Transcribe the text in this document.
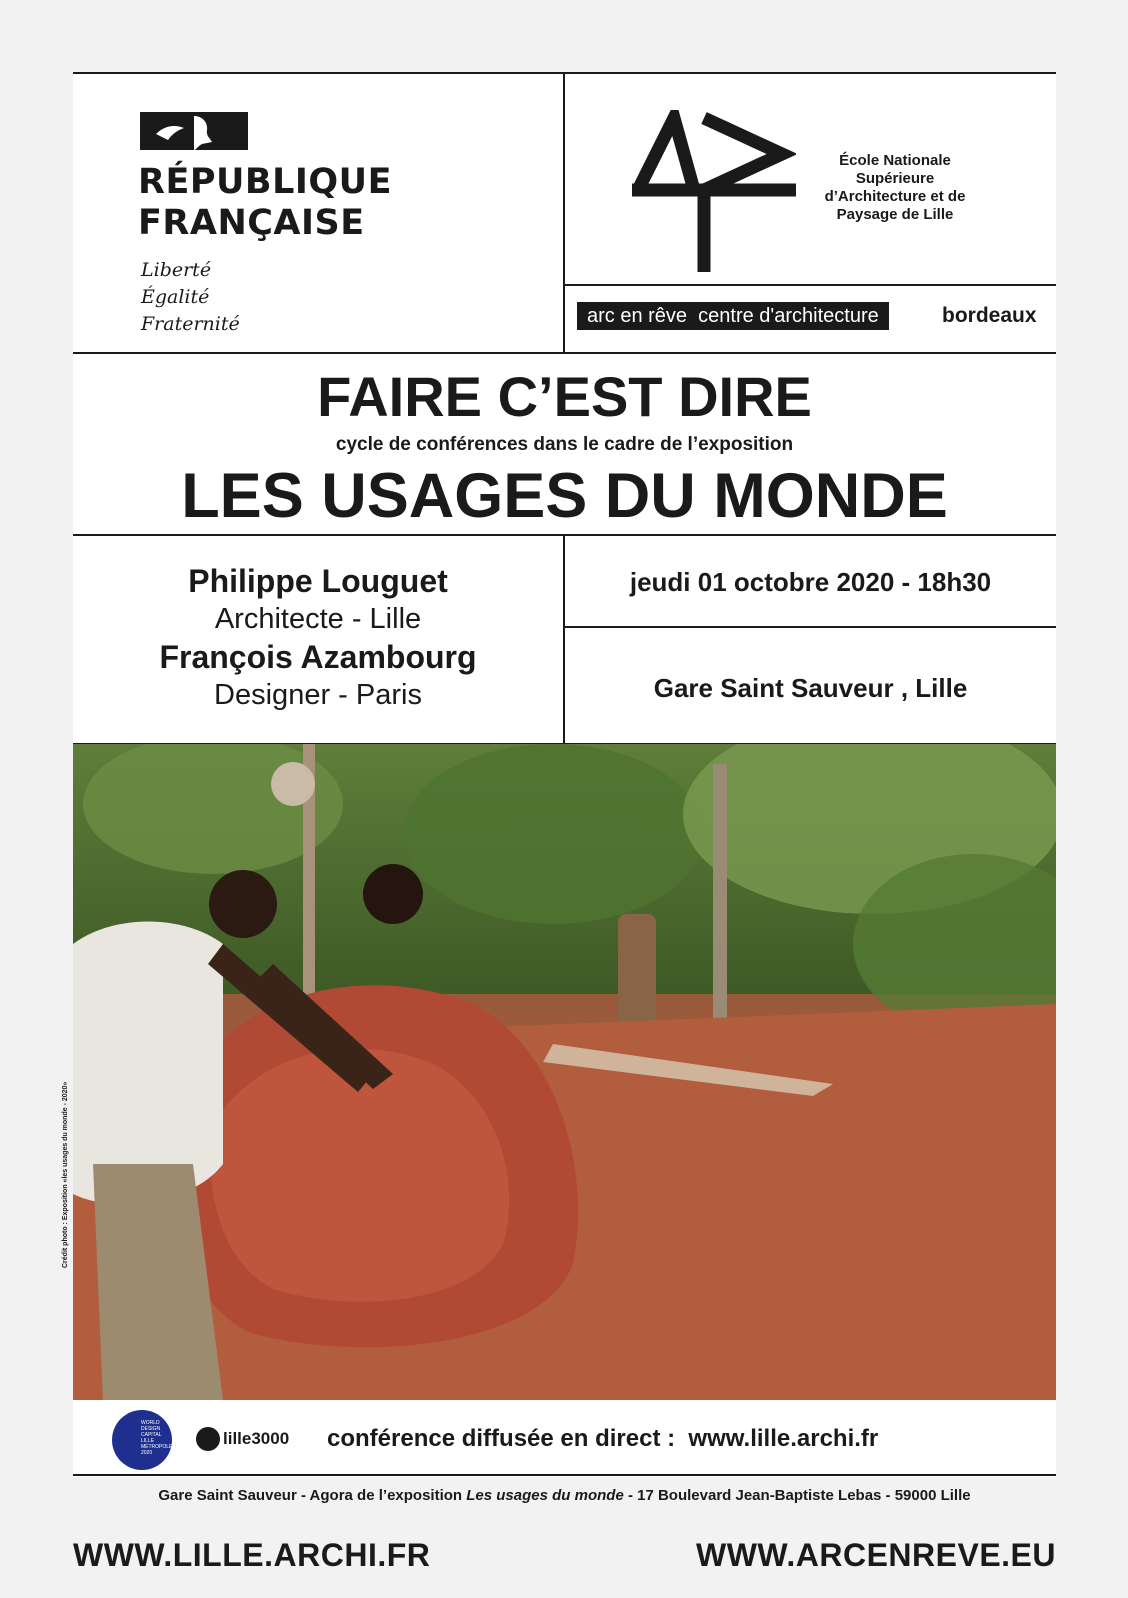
RÉPUBLIQUE
FRANÇAISE
Liberté
Égalité
Fraternité
École Nationale
Supérieure
d’Architecture et de
Paysage de Lille
arc en rêve  centre d'architecture	bordeaux
FAIRE C’EST DIRE
cycle de conférences dans le cadre de l’exposition
LES USAGES DU MONDE
Philippe Louguet
Architecte - Lille
François Azambourg
Designer - Paris
jeudi 01 octobre 2020 - 18h30
Gare Saint Sauveur , Lille
Crédit photo : Exposition «les usages du monde - 2020»
WORLD
DESIGN
CAPITAL
LILLE
MÉTROPOLE
2020
lille3000 conférence diffusée en direct :  www.lille.archi.fr
Gare Saint Sauveur - Agora de l’exposition Les usages du monde - 17 Boulevard Jean-Baptiste Lebas - 59000 Lille
WWW.LILLE.ARCHI.FR	WWW.ARCENREVE.EU
